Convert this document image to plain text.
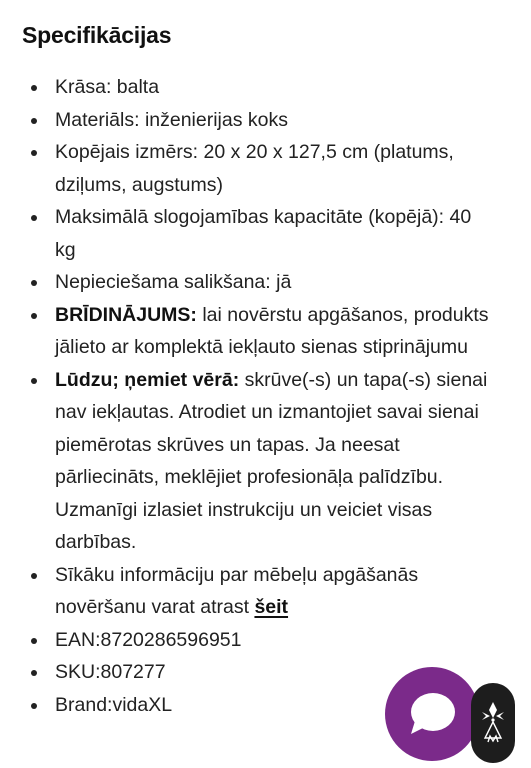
Specifikācijas
Krāsa: balta
Materiāls: inženierijas koks
Kopējais izmērs: 20 x 20 x 127,5 cm (platums, dziļums, augstums)
Maksimālā slogojamības kapacitāte (kopējā): 40 kg
Nepieciešama salikšana: jā
BRĪDINĀJUMS: lai novērstu apgāšanos, produkts jālieto ar komplektā iekļauto sienas stiprinājumu
Lūdzu; ņemiet vērā: skrūve(-s) un tapa(-s) sienai nav iekļautas. Atrodiet un izmantojiet savai sienai piemērotas skrūves un tapas. Ja neesat pārliecināts, meklējiet profesionāļa palīdzību. Uzmanīgi izlasiet instrukciju un veiciet visas darbības.
Sīkāku informāciju par mēbeļu apgāšanās novēršanu varat atrast šeit
EAN:8720286596951
SKU:807277
Brand:vidaXL
